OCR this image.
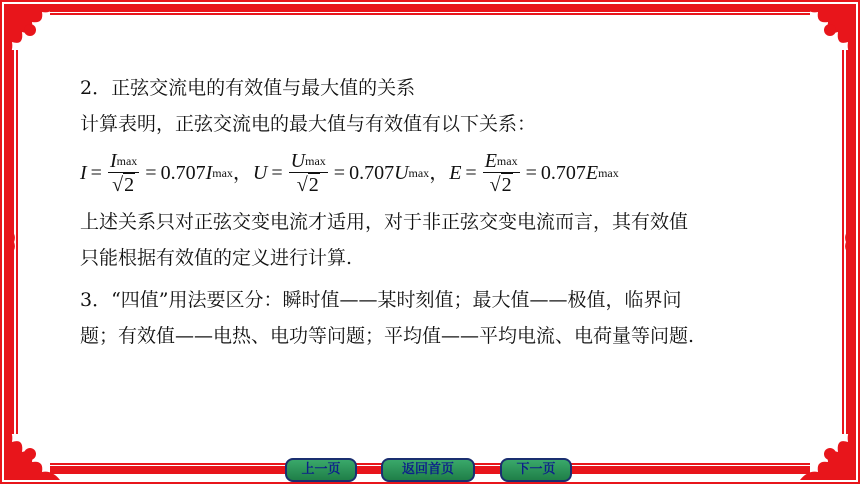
2．正弦交流电的有效值与最大值的关系
计算表明，正弦交流电的最大值与有效值有以下关系：
$I = \frac{Imax}{√2} = 0.707$ I max ， $U = \frac{Umax}{√2} = 0.707$ U max ， $E = \frac{Emax}{√2} = 0.707$ E max
上述关系只对正弦交变电流才适用，对于非正弦交变电流而言，其有效值
只能根据有效值的定义进行计算.
3．“四值”用法要区分：瞬时值——某时刻值；最大值——极值，临界问
题；有效值——电热、电功等问题；平均值——平均电流、电荷量等问题.
上一页	返回首页	下一页
